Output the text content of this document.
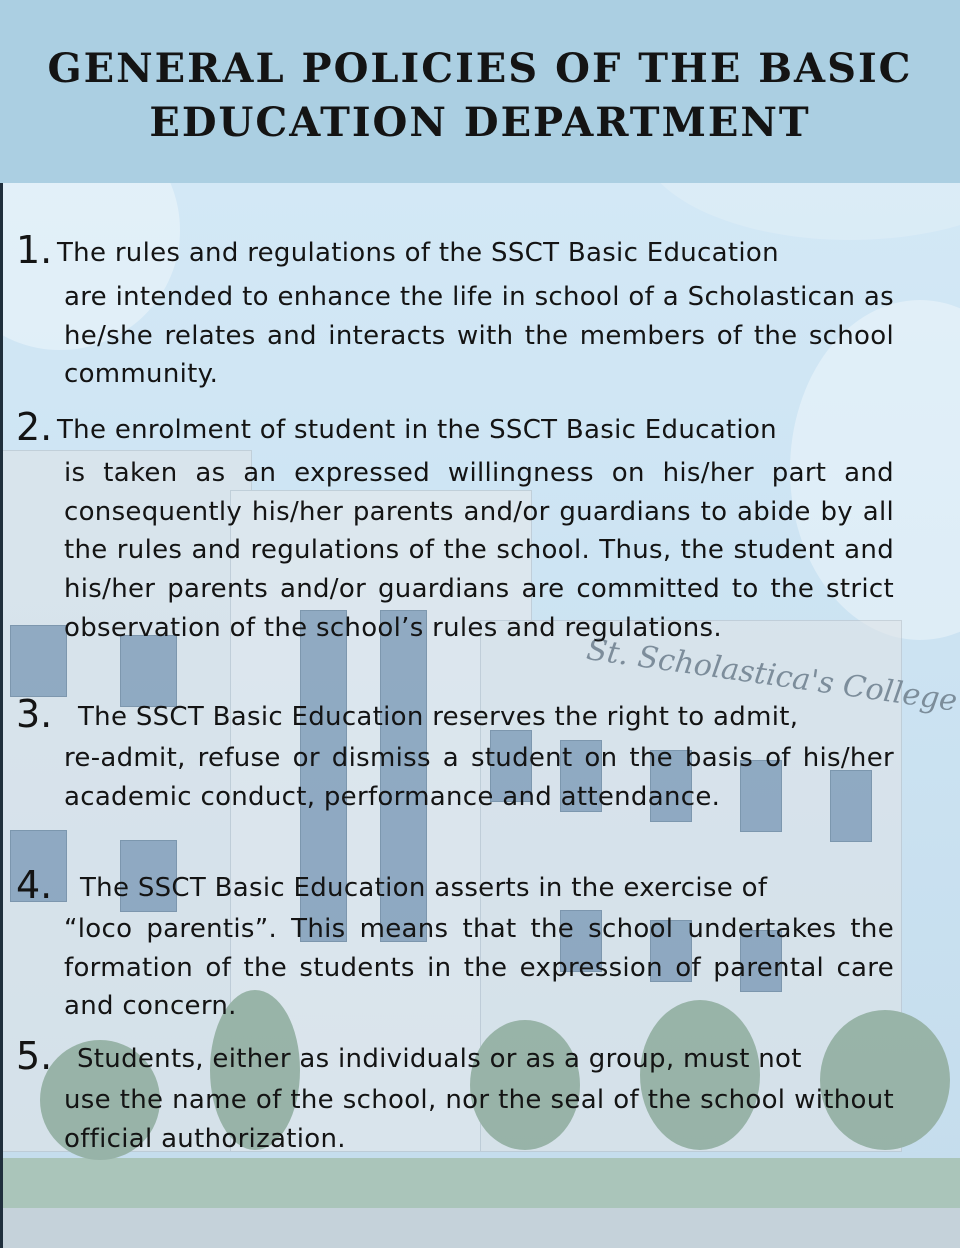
St. Scholastica's College
GENERAL POLICIES OF THE BASIC
EDUCATION DEPARTMENT
1. The rules and regulations of the SSCT Basic Education
are intended to enhance the life in school of a Scholastican as he/she relates and interacts with the members of the school community.
2. The enrolment of student in the SSCT Basic Education
is taken as an expressed willingness on his/her part and consequently his/her parents and/or guardians to abide by all the rules and regulations of the school. Thus, the student and his/her parents and/or guardians are committed to the strict observation of the school’s rules and regulations.
3. The SSCT Basic Education reserves the right to admit,
re-admit, refuse or dismiss a student on the basis of his/her academic conduct, performance and attendance.
4. The SSCT Basic Education asserts in the exercise of
“loco parentis”. This means that the school undertakes the formation of the students in the expression of parental care and concern.
5. Students, either as individuals or as a group, must not
use the name of the school, nor the seal of the school without official authorization.
